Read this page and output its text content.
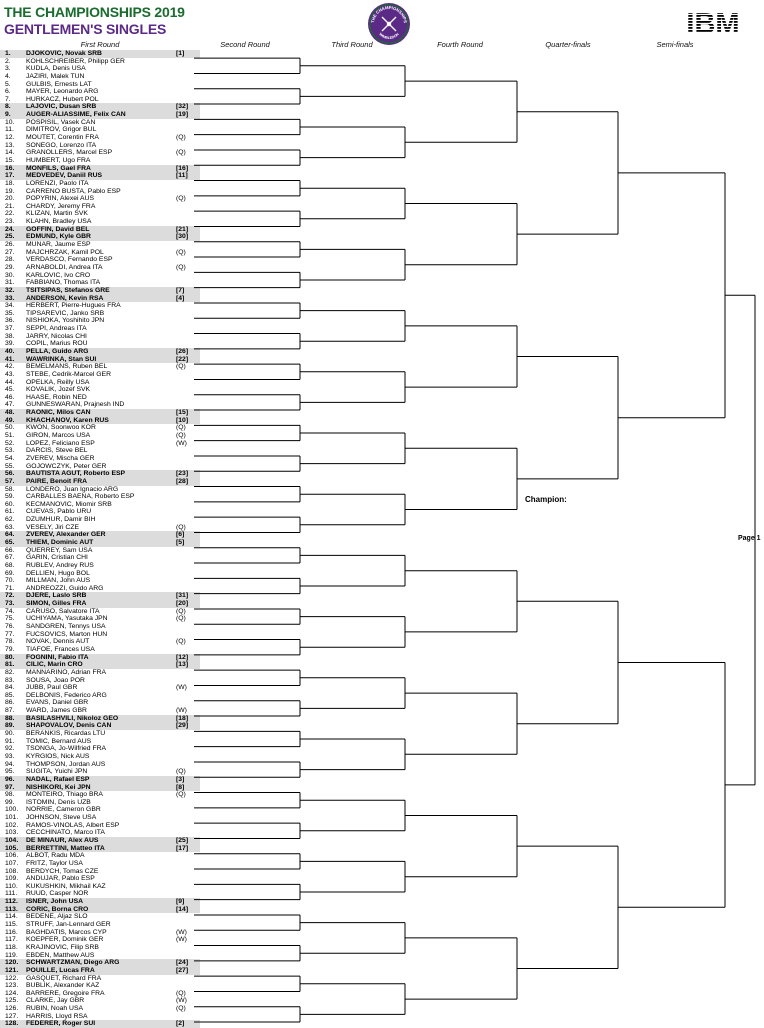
THE CHAMPIONSHIPS 2019
GENTLEMEN'S SINGLES	THE CHAMPIONSHIPS
WIMBLEDON
First Round	Second Round	Third Round	Fourth Round	Quarter-finals	Semi-finals
1. DJOKOVIC, Novak SRB	[1]
2. KOHLSCHREIBER, Philipp GER
3. KUDLA, Denis USA
4. JAZIRI, Malek TUN
5. GULBIS, Ernests LAT
6. MAYER, Leonardo ARG
7. HURKACZ, Hubert POL
8. LAJOVIC, Dusan SRB	[32]
9. AUGER-ALIASSIME, Felix CAN	[19]
10. POSPISIL, Vasek CAN
11. DIMITROV, Grigor BUL
12. MOUTET, Corentin FRA	(Q)
13. SONEGO, Lorenzo ITA
14. GRANOLLERS, Marcel ESP	(Q)
15. HUMBERT, Ugo FRA
16. MONFILS, Gael FRA	[16]
17. MEDVEDEV, Daniil RUS	[11]
18. LORENZI, Paolo ITA
19. CARRENO BUSTA, Pablo ESP
20. POPYRIN, Alexei AUS	(Q)
21. CHARDY, Jeremy FRA
22. KLIZAN, Martin SVK
23. KLAHN, Bradley USA
24. GOFFIN, David BEL	[21]
25. EDMUND, Kyle GBR	[30]
26. MUNAR, Jaume ESP
27. MAJCHRZAK, Kamil POL	(Q)
28. VERDASCO, Fernando ESP
29. ARNABOLDI, Andrea ITA	(Q)
30. KARLOVIC, Ivo CRO
31. FABBIANO, Thomas ITA
32. TSITSIPAS, Stefanos GRE	[7]
33. ANDERSON, Kevin RSA	[4]
34. HERBERT, Pierre-Hugues FRA
35. TIPSAREVIC, Janko SRB
36. NISHIOKA, Yoshihito JPN
37. SEPPI, Andreas ITA
38. JARRY, Nicolas CHI
39. COPIL, Marius ROU
40. PELLA, Guido ARG	[26]
41. WAWRINKA, Stan SUI	[22]
42. BEMELMANS, Ruben BEL	(Q)
43. STEBE, Cedrik-Marcel GER
44. OPELKA, Reilly USA
45. KOVALIK, Jozef SVK
46. HAASE, Robin NED
47. GUNNESWARAN, Prajnesh IND
48. RAONIC, Milos CAN	[15]
49. KHACHANOV, Karen RUS	[10]
50. KWON, Soonwoo KOR	(Q)
51. GIRON, Marcos USA	(Q)
52. LOPEZ, Feliciano ESP	(W)
53. DARCIS, Steve BEL
54. ZVEREV, Mischa GER
55. GOJOWCZYK, Peter GER
56. BAUTISTA AGUT, Roberto ESP	[23]
57. PAIRE, Benoit FRA	[28]
58. LONDERO, Juan Ignacio ARG
59. CARBALLES BAENA, Roberto ESP
60. KECMANOVIC, Miomir SRB
61. CUEVAS, Pablo URU
62. DZUMHUR, Damir BIH
63. VESELY, Jiri CZE	(Q)
64. ZVEREV, Alexander GER	[6]
65. THIEM, Dominic AUT	[5]
66. QUERREY, Sam USA
67. GARIN, Cristian CHI
68. RUBLEV, Andrey RUS
69. DELLIEN, Hugo BOL
70. MILLMAN, John AUS
71. ANDREOZZI, Guido ARG
72. DJERE, Laslo SRB	[31]
73. SIMON, Gilles FRA	[20]
74. CARUSO, Salvatore ITA	(Q)
75. UCHIYAMA, Yasutaka JPN	(Q)
76. SANDGREN, Tennys USA
77. FUCSOVICS, Marton HUN
78. NOVAK, Dennis AUT	(Q)
79. TIAFOE, Frances USA
80. FOGNINI, Fabio ITA	[12]
81. CILIC, Marin CRO	[13]
82. MANNARINO, Adrian FRA
83. SOUSA, Joao POR
84. JUBB, Paul GBR	(W)
85. DELBONIS, Federico ARG
86. EVANS, Daniel GBR
87. WARD, James GBR	(W)
88. BASILASHVILI, Nikoloz GEO	[18]
89. SHAPOVALOV, Denis CAN	[29]
90. BERANKIS, Ricardas LTU
91. TOMIC, Bernard AUS
92. TSONGA, Jo-Wilfried FRA
93. KYRGIOS, Nick AUS
94. THOMPSON, Jordan AUS
95. SUGITA, Yuichi JPN	(Q)
96. NADAL, Rafael ESP	[3]
97. NISHIKORI, Kei JPN	[8]
98. MONTEIRO, Thiago BRA	(Q)
99. ISTOMIN, Denis UZB
100. NORRIE, Cameron GBR
101. JOHNSON, Steve USA
102. RAMOS-VINOLAS, Albert ESP
103. CECCHINATO, Marco ITA
104. DE MINAUR, Alex AUS	[25]
105. BERRETTINI, Matteo ITA	[17]
106. ALBOT, Radu MDA
107. FRITZ, Taylor USA
108. BERDYCH, Tomas CZE
109. ANDUJAR, Pablo ESP
110. KUKUSHKIN, Mikhail KAZ
111. RUUD, Casper NOR
112. ISNER, John USA	[9]
113. CORIC, Borna CRO	[14]
114. BEDENE, Aljaz SLO
115. STRUFF, Jan-Lennard GER
116. BAGHDATIS, Marcos CYP	(W)
117. KOEPFER, Dominik GER	(W)
118. KRAJINOVIC, Filip SRB
119. EBDEN, Matthew AUS
120. SCHWARTZMAN, Diego ARG	[24]
121. POUILLE, Lucas FRA	[27]
122. GASQUET, Richard FRA
123. BUBLIK, Alexander KAZ
124. BARRERE, Gregoire FRA	(Q)
125. CLARKE, Jay GBR	(W)
126. RUBIN, Noah USA	(Q)
127. HARRIS, Lloyd RSA
128. FEDERER, Roger SUI	[2]
Champion:
Page 1
